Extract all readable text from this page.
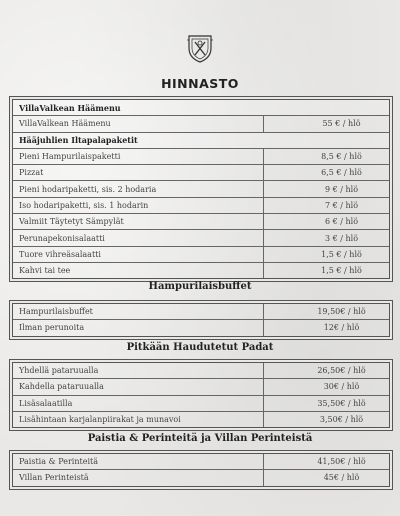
HINNASTO
VillaValkean Häämenu
VillaValkean Häämenu	55 € / hlö
Hääjuhlien Iltapalapaketit
Pieni Hampurilaispaketti	8,5 € / hlö
Pizzat	6,5 € / hlö
Pieni hodaripaketti, sis. 2 hodaria	9 € / hlö
Iso hodaripaketti, sis. 1 hodarin	7 € / hlö
Valmiit Täytetyt Sämpylät	6 € / hlö
Perunapekonisalaatti	3 € / hlö
Tuore vihreäsalaatti	1,5 € / hlö
Kahvi tai tee	1,5 € / hlö
Hampurilaisbuffet
Hampurilaisbuffet	19,50€ / hlö
Ilman perunoita	12€ / hlö
Pitkään Haudutetut Padat
Yhdellä pataruualla	26,50€ / hlö
Kahdella pataruualla	30€ / hlö
Lisäsalaatilla	35,50€ / hlö
Lisähintaan karjalanpiirakat ja munavoi	3,50€ / hlö
Paistia & Perinteitä ja Villan Perinteistä
Paistia & Perinteitä	41,50€ / hlö
Villan Perinteistä	45€ / hlö
